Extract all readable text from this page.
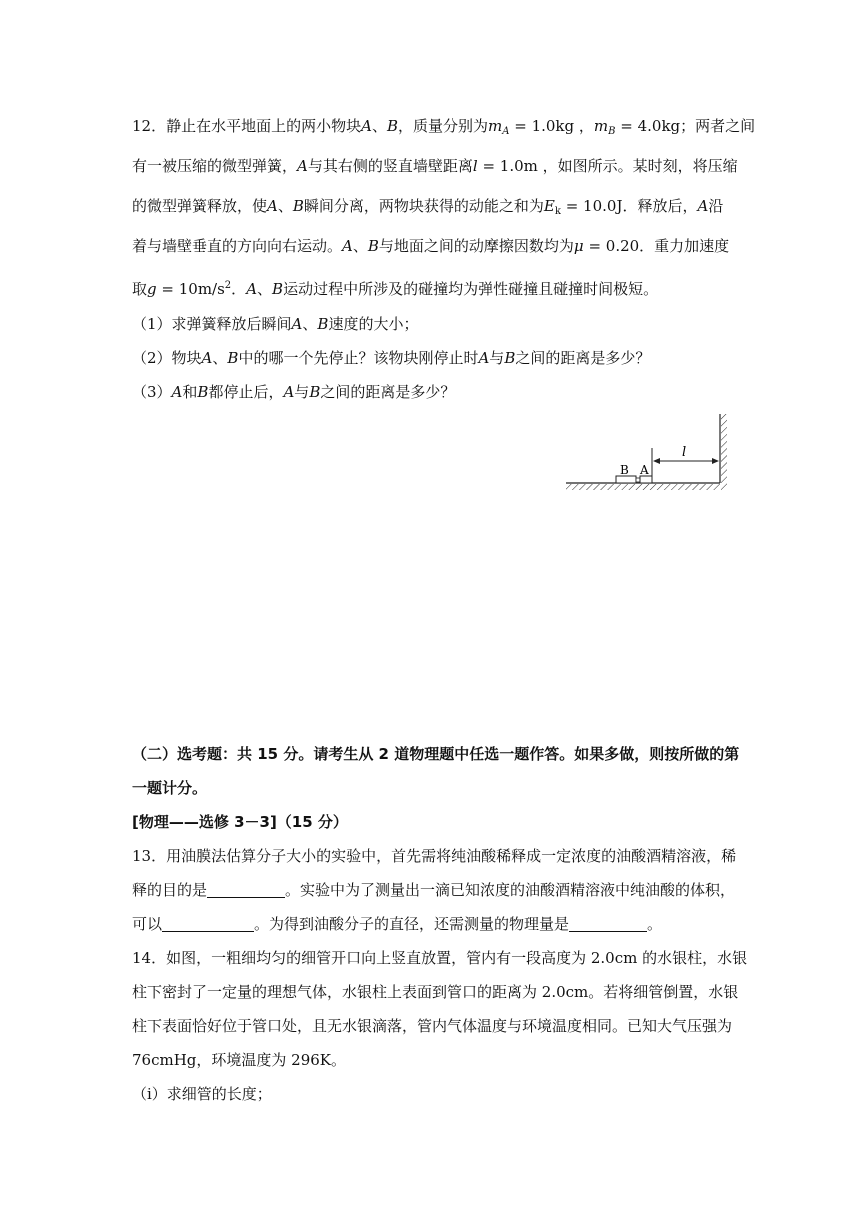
12．静止在水平地面上的两小物块A、B，质量分别为$m_A = 1.0kg$ ，$m_B = 4.0kg$；两者之间
有一被压缩的微型弹簧，A与其右侧的竖直墙壁距离l = 1.0m ，如图所示。某时刻，将压缩
的微型弹簧释放，使A、B瞬间分离，两物块获得的动能之和为$E_k = 10.0J$．释放后，A沿
着与墙壁垂直的方向向右运动。A、B与地面之间的动摩擦因数均为μ = 0.20．重力加速度
取$g = 10m/s^2$．A、B运动过程中所涉及的碰撞均为弹性碰撞且碰撞时间极短。
（1）求弹簧释放后瞬间A、B速度的大小；
（2）物块A、B中的哪一个先停止？该物块刚停止时A与B之间的距离是多少？
（3）A和B都停止后，A与B之间的距离是多少？
B A
l
（二）选考题：共 15 分。请考生从 2 道物理题中任选一题作答。如果多做，则按所做的第
一题计分。
[物理——选修 3－3]（15 分）
13．用油膜法估算分子大小的实验中，首先需将纯油酸稀释成一定浓度的油酸酒精溶液，稀
释的目的是	。实验中为了测量出一滴已知浓度的油酸酒精溶液中纯油酸的体积，
可以	。为得到油酸分子的直径，还需测量的物理量是	。
14．如图，一粗细均匀的细管开口向上竖直放置，管内有一段高度为 2.0cm 的水银柱，水银
柱下密封了一定量的理想气体，水银柱上表面到管口的距离为 2.0cm。若将细管倒置，水银
柱下表面恰好位于管口处，且无水银滴落，管内气体温度与环境温度相同。已知大气压强为
76cmHg，环境温度为 296K。
（i）求细管的长度；
